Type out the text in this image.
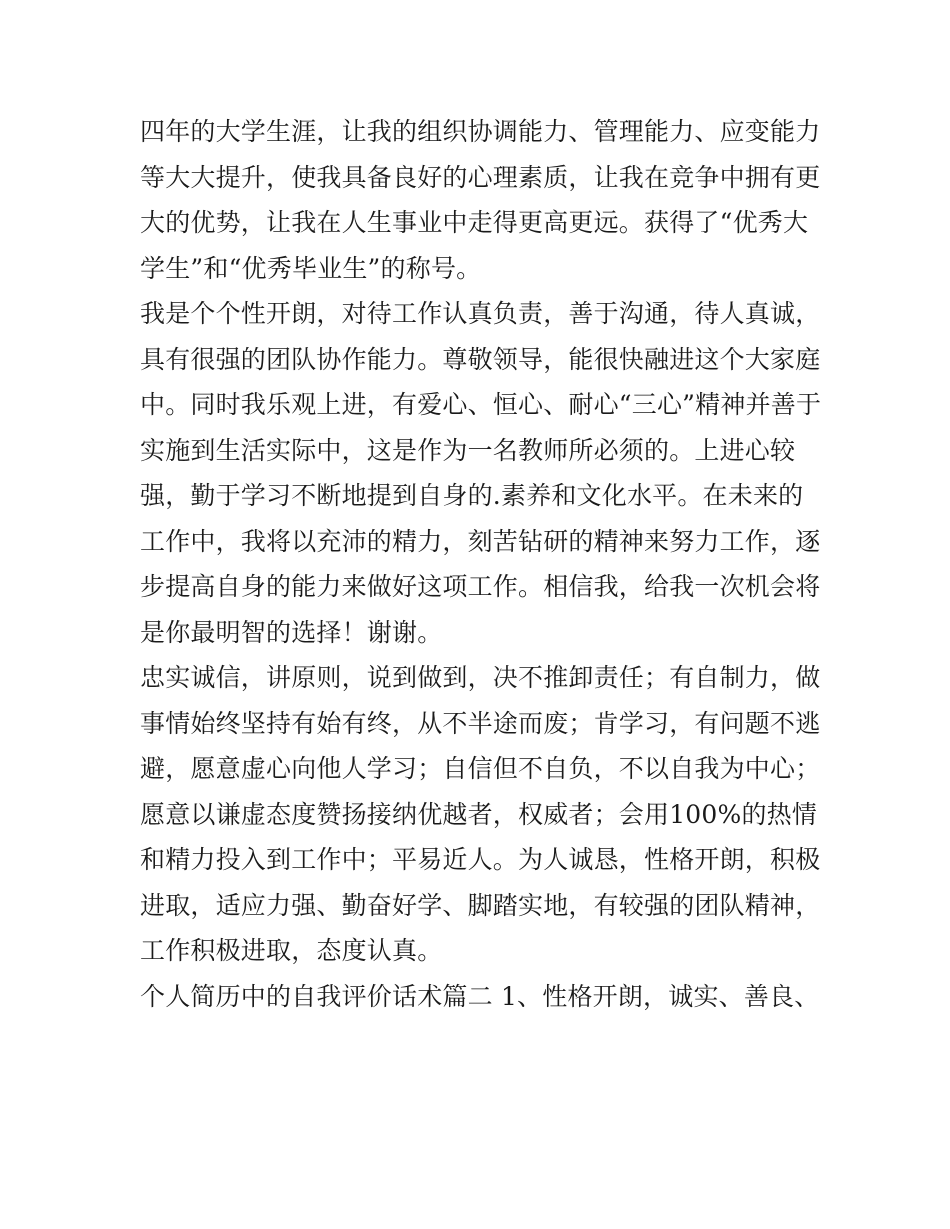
四年的大学生涯，让我的组织协调能力、管理能力、应变能力
等大大提升，使我具备良好的心理素质，让我在竞争中拥有更
大的优势，让我在人生事业中走得更高更远。获得了“优秀大
学生”和“优秀毕业生”的称号。
我是个个性开朗，对待工作认真负责，善于沟通，待人真诚，
具有很强的团队协作能力。尊敬领导，能很快融进这个大家庭
中。同时我乐观上进，有爱心、恒心、耐心“三心”精神并善于
实施到生活实际中，这是作为一名教师所必须的。上进心较
强，勤于学习不断地提到自身的.素养和文化水平。在未来的
工作中，我将以充沛的精力，刻苦钻研的精神来努力工作，逐
步提高自身的能力来做好这项工作。相信我，给我一次机会将
是你最明智的选择！谢谢。
忠实诚信，讲原则，说到做到，决不推卸责任；有自制力，做
事情始终坚持有始有终，从不半途而废；肯学习，有问题不逃
避，愿意虚心向他人学习；自信但不自负，不以自我为中心；
愿意以谦虚态度赞扬接纳优越者，权威者；会用100%的热情
和精力投入到工作中；平易近人。为人诚恳，性格开朗，积极
进取，适应力强、勤奋好学、脚踏实地，有较强的团队精神，
工作积极进取，态度认真。
个人简历中的自我评价话术篇二 1、性格开朗，诚实、善良、
